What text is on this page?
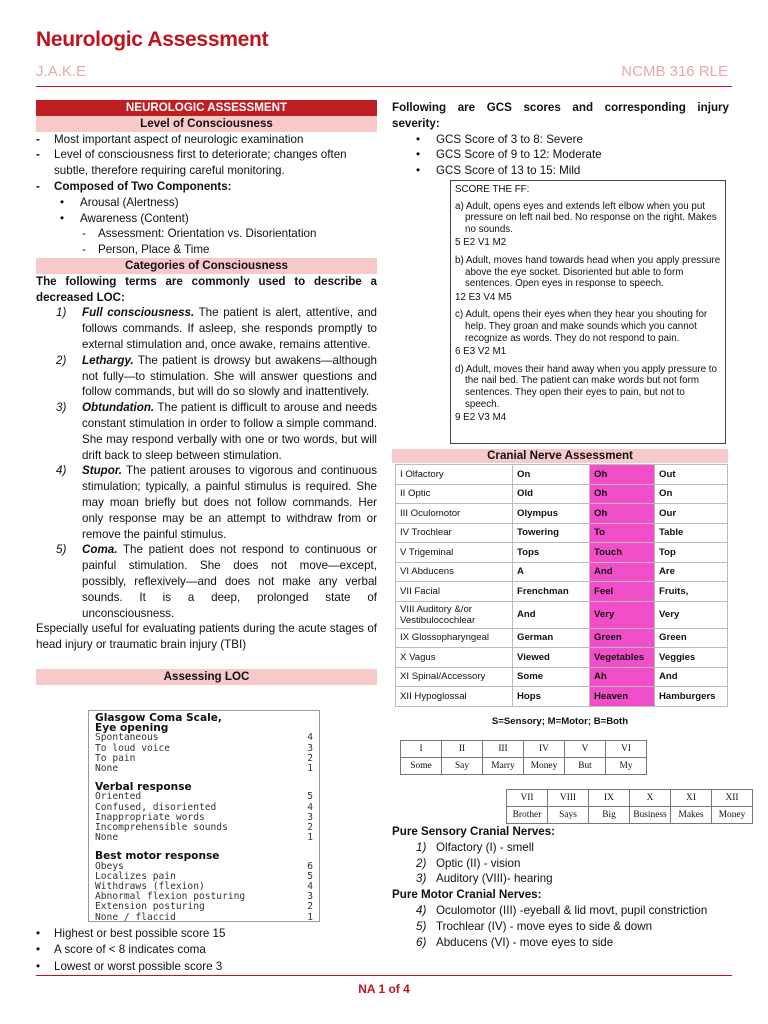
Neurologic Assessment
J.A.K.E	NCMB 316 RLE
NEUROLOGIC ASSESSMENT
Level of Consciousness
- Most important aspect of neurologic examination
- Level of consciousness first to deteriorate; changes often subtle, therefore requiring careful monitoring.
- Composed of Two Components:
• Arousal (Alertness)
• Awareness (Content)
- Assessment: Orientation vs. Disorientation
- Person, Place & Time
Categories of Consciousness
The following terms are commonly used to describe a decreased LOC:
1) Full consciousness. The patient is alert, attentive, and follows commands. If asleep, she responds promptly to external stimulation and, once awake, remains attentive.
2) Lethargy. The patient is drowsy but awakens—although not fully—to stimulation. She will answer questions and follow commands, but will do so slowly and inattentively.
3) Obtundation. The patient is difficult to arouse and needs constant stimulation in order to follow a simple command. She may respond verbally with one or two words, but will drift back to sleep between stimulation.
4) Stupor. The patient arouses to vigorous and continuous stimulation; typically, a painful stimulus is required. She may moan briefly but does not follow commands. Her only response may be an attempt to withdraw from or remove the painful stimulus.
5) Coma. The patient does not respond to continuous or painful stimulation. She does not move—except, possibly, reflexively—and does not make any verbal sounds. It is a deep, prolonged state of unconsciousness.
Especially useful for evaluating patients during the acute stages of head injury or traumatic brain injury (TBI)
Assessing LOC
Glasgow Coma Scale,
Eye opening
Spontaneous	4
To loud voice	3
To pain	2
None	1
Verbal response
Oriented	5
Confused, disoriented	4
Inappropriate words	3
Incomprehensible sounds	2
None	1
Best motor response
Obeys	6
Localizes pain	5
Withdraws (flexion)	4
Abnormal flexion posturing	3
Extension posturing	2
None / flaccid	1
• Highest or best possible score 15
• A score of < 8 indicates coma
• Lowest or worst possible score 3
Following are GCS scores and corresponding injury severity:
• GCS Score of 3 to 8: Severe
• GCS Score of 9 to 12: Moderate
• GCS Score of 13 to 15: Mild
SCORE THE FF:
a) Adult, opens eyes and extends left elbow when you put pressure on left nail bed. No response on the right. Makes no sounds.
5 E2 V1 M2
b) Adult, moves hand towards head when you apply pressure above the eye socket. Disoriented but able to form sentences. Open eyes in response to speech.
12 E3 V4 M5
c) Adult, opens their eyes when they hear you shouting for help. They groan and make sounds which you cannot recognize as words. They do not respond to pain.
6 E3 V2 M1
d) Adult, moves their hand away when you apply pressure to the nail bed. The patient can make words but not form sentences. They open their eyes to pain, but not to speech.
9 E2 V3 M4
Cranial Nerve Assessment
I Olfactory	On	Oh	Out
II Optic	Old	Oh	On
III Oculomotor	Olympus	Oh	Our
IV Trochlear	Towering	To	Table
V Trigeminal	Tops	Touch	Top
VI Abducens	A	And	Are
VII Facial	Frenchman	Feel	Fruits,
VIII Auditory &/or Vestibulocochlear	And	Very	Very
IX Glossopharyngeal	German	Green	Green
X Vagus	Viewed	Vegetables	Veggies
XI Spinal/Accessory	Some	Ah	And
XII Hypoglossal	Hops	Heaven	Hamburgers
S=Sensory; M=Motor; B=Both
I	II	III	IV	V	VI
Some	Say	Marry	Money	But	My
VII	VIII	IX	X	XI	XII
Brother	Says	Big	Business	Makes	Money
Pure Sensory Cranial Nerves:
1) Olfactory (I) - smell
2) Optic (II) - vision
3) Auditory (VIII)- hearing
Pure Motor Cranial Nerves:
4) Oculomotor (III) -eyeball & lid movt, pupil constriction
5) Trochlear (IV) - move eyes to side & down
6) Abducens (VI) - move eyes to side
NA 1 of 4
